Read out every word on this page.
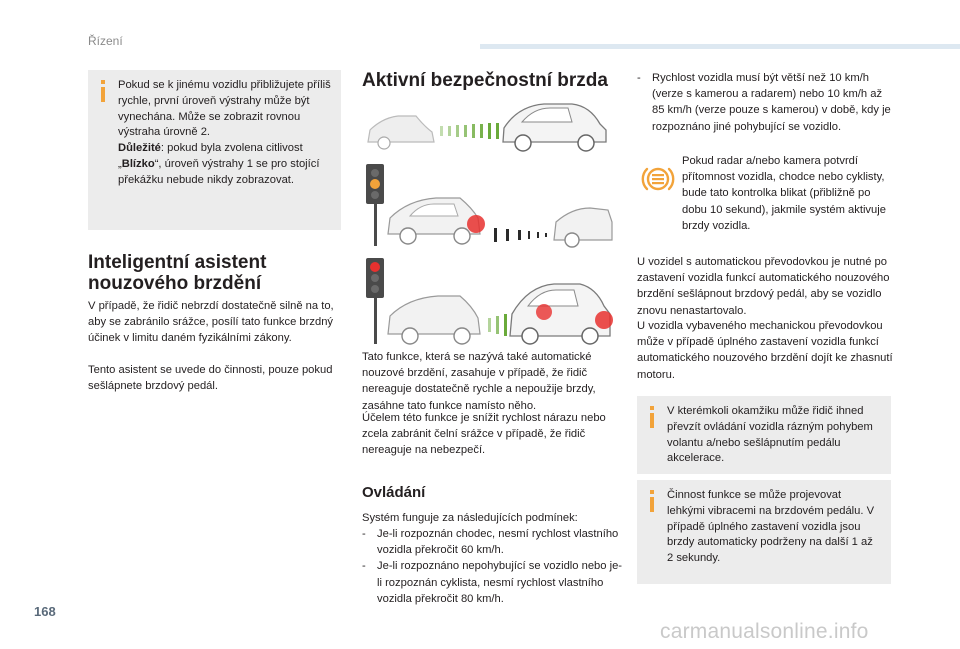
Řízení

Pokud se k jinému vozidlu přibližujete příliš rychle, první úroveň výstrahy může být vynechána. Může se zobrazit rovnou výstraha úrovně 2.
Důležité: pokud byla zvolena citlivost
„Blízko“, úroveň výstrahy 1 se pro stojící překážku nebude nikdy zobrazovat.

Inteligentní asistent nouzového brzdění

V případě, že řidič nebrzdí dostatečně silně na to, aby se zabránilo srážce, posílí tato funkce brzdný účinek v limitu daném fyzikálními zákony.

Tento asistent se uvede do činnosti, pouze pokud sešlápnete brzdový pedál.

Aktivní bezpečnostní brzda

Tato funkce, která se nazývá také automatické nouzové brzdění, zasahuje v případě, že řidič nereaguje dostatečně rychle a nepoužije brzdy, zasáhne tato funkce namísto něho.

Účelem této funkce je snížit rychlost nárazu nebo zcela zabránit čelní srážce v případě, že řidič nereaguje na nebezpečí.

Ovládání

Systém funguje za následujících podmínek:

- Je-li rozpoznán chodec, nesmí rychlost vlastního vozidla překročit 60 km/h.
- Je-li rozpoznáno nepohybující se vozidlo nebo je-li rozpoznán cyklista, nesmí rychlost vlastního vozidla překročit 80 km/h.
- Rychlost vozidla musí být větší než 10 km/h (verze s kamerou a radarem) nebo 10 km/h až 85 km/h (verze pouze s kamerou) v době, kdy je rozpoznáno jiné pohybující se vozidlo.

Pokud radar a/nebo kamera potvrdí přítomnost vozidla, chodce nebo cyklisty, bude tato kontrolka blikat (přibližně po dobu 10 sekund), jakmile systém aktivuje brzdy vozidla.

U vozidel s automatickou převodovkou je nutné po zastavení vozidla funkcí automatického nouzového brzdění sešlápnout brzdový pedál, aby se vozidlo znovu nenastartovalo.

U vozidla vybaveného mechanickou převodovkou může v případě úplného zastavení vozidla funkcí automatického nouzového brzdění dojít ke zhasnutí motoru.

V kterémkoli okamžiku může řidič ihned převzít ovládání vozidla rázným pohybem volantu a/nebo sešlápnutím pedálu akcelerace.

Činnost funkce se může projevovat lehkými vibracemi na brzdovém pedálu. V případě úplného zastavení vozidla jsou brzdy automaticky podrženy na další 1 až 2 sekundy.

168
carmanualsonline.info
